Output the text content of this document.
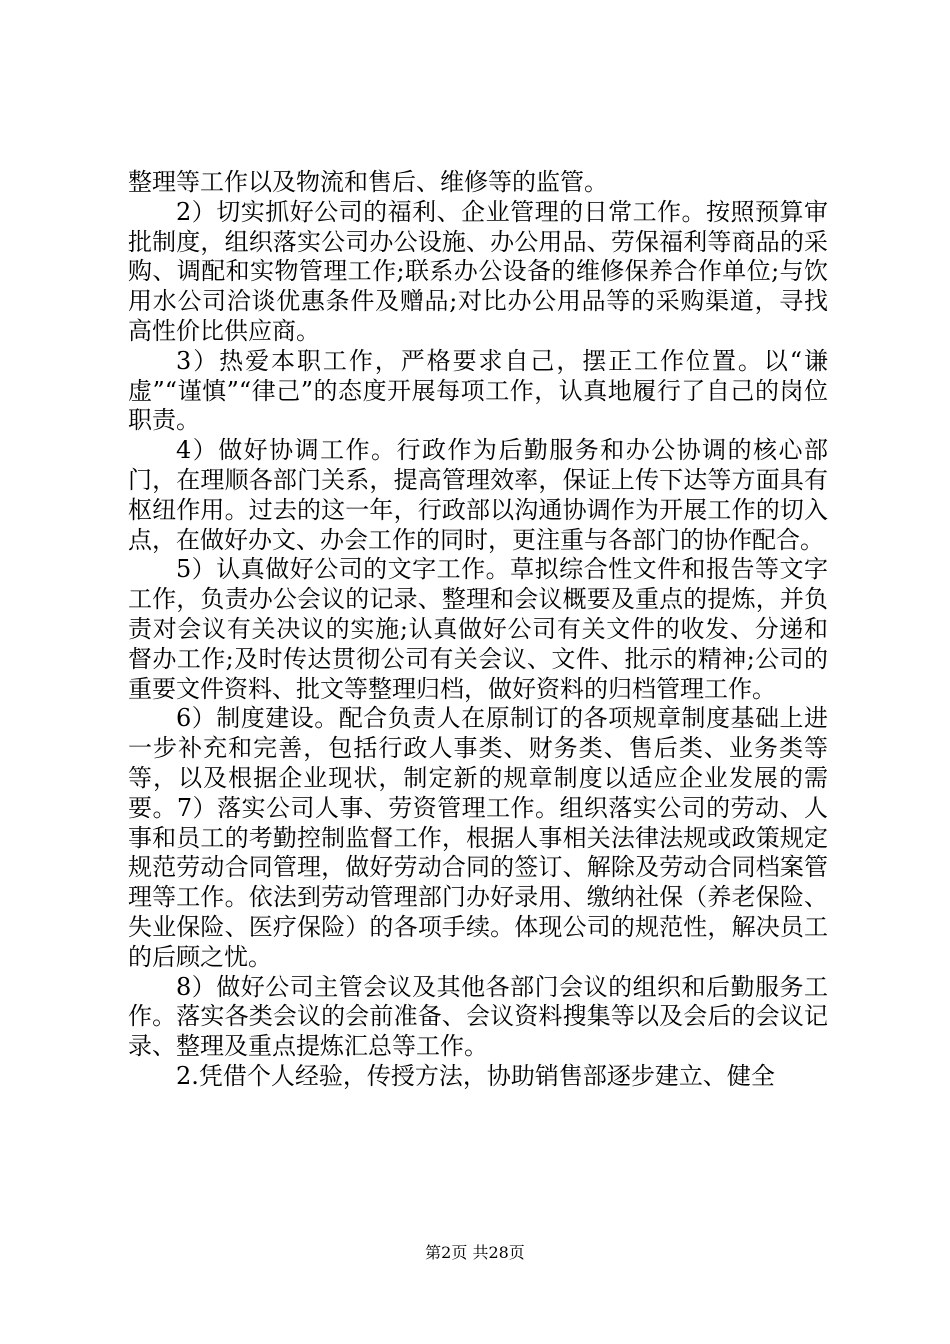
整理等工作以及物流和售后、维修等的监管。

2）切实抓好公司的福利、企业管理的日常工作。按照预算审批制度，组织落实公司办公设施、办公用品、劳保福利等商品的采购、调配和实物管理工作;联系办公设备的维修保养合作单位;与饮用水公司洽谈优惠条件及赠品;对比办公用品等的采购渠道，寻找高性价比供应商。

3）热爱本职工作，严格要求自己，摆正工作位置。以“谦虚”“谨慎”“律己”的态度开展每项工作，认真地履行了自己的岗位职责。

4）做好协调工作。行政作为后勤服务和办公协调的核心部门，在理顺各部门关系，提高管理效率，保证上传下达等方面具有枢纽作用。过去的这一年，行政部以沟通协调作为开展工作的切入点，在做好办文、办会工作的同时，更注重与各部门的协作配合。

5）认真做好公司的文字工作。草拟综合性文件和报告等文字工作，负责办公会议的记录、整理和会议概要及重点的提炼，并负责对会议有关决议的实施;认真做好公司有关文件的收发、分递和督办工作;及时传达贯彻公司有关会议、文件、批示的精神;公司的重要文件资料、批文等整理归档，做好资料的归档管理工作。

6）制度建设。配合负责人在原制订的各项规章制度基础上进一步补充和完善，包括行政人事类、财务类、售后类、业务类等等，以及根据企业现状，制定新的规章制度以适应企业发展的需要。7）落实公司人事、劳资管理工作。组织落实公司的劳动、人事和员工的考勤控制监督工作，根据人事相关法律法规或政策规定规范劳动合同管理，做好劳动合同的签订、解除及劳动合同档案管理等工作。依法到劳动管理部门办好录用、缴纳社保（养老保险、失业保险、医疗保险）的各项手续。体现公司的规范性，解决员工的后顾之忧。

8）做好公司主管会议及其他各部门会议的组织和后勤服务工作。落实各类会议的会前准备、会议资料搜集等以及会后的会议记录、整理及重点提炼汇总等工作。

2.凭借个人经验，传授方法，协助销售部逐步建立、健全

第2页 共28页
